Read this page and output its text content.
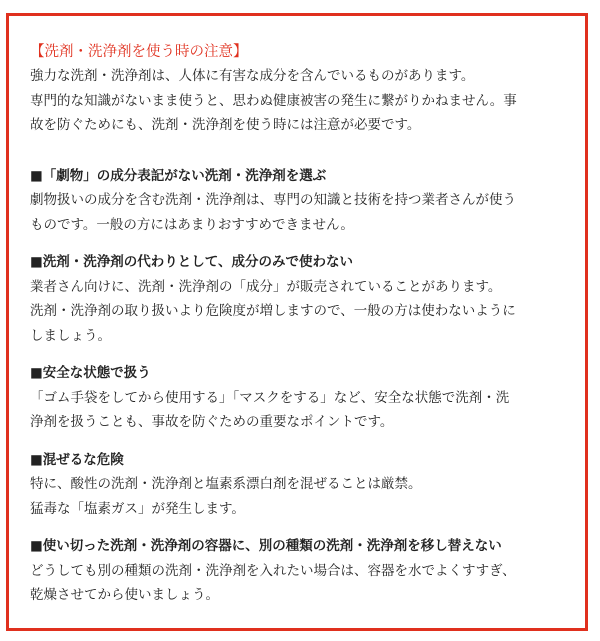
【洗剤・洗浄剤を使う時の注意】

強力な洗剤・洗浄剤は、人体に有害な成分を含んでいるものがあります。
専門的な知識がないまま使うと、思わぬ健康被害の発生に繋がりかねません。事
故を防ぐためにも、洗剤・洗浄剤を使う時には注意が必要です。

■「劇物」の成分表記がない洗剤・洗浄剤を選ぶ

劇物扱いの成分を含む洗剤・洗浄剤は、専門の知識と技術を持つ業者さんが使う
ものです。一般の方にはあまりおすすめできません。

■洗剤・洗浄剤の代わりとして、成分のみで使わない

業者さん向けに、洗剤・洗浄剤の「成分」が販売されていることがあります。
洗剤・洗浄剤の取り扱いより危険度が増しますので、一般の方は使わないように
しましょう。

■安全な状態で扱う

「ゴム手袋をしてから使用する」「マスクをする」など、安全な状態で洗剤・洗
浄剤を扱うことも、事故を防ぐための重要なポイントです。

■混ぜるな危険

特に、酸性の洗剤・洗浄剤と塩素系漂白剤を混ぜることは厳禁。
猛毒な「塩素ガス」が発生します。

■使い切った洗剤・洗浄剤の容器に、別の種類の洗剤・洗浄剤を移し替えない

どうしても別の種類の洗剤・洗浄剤を入れたい場合は、容器を水でよくすすぎ、
乾燥させてから使いましょう。
